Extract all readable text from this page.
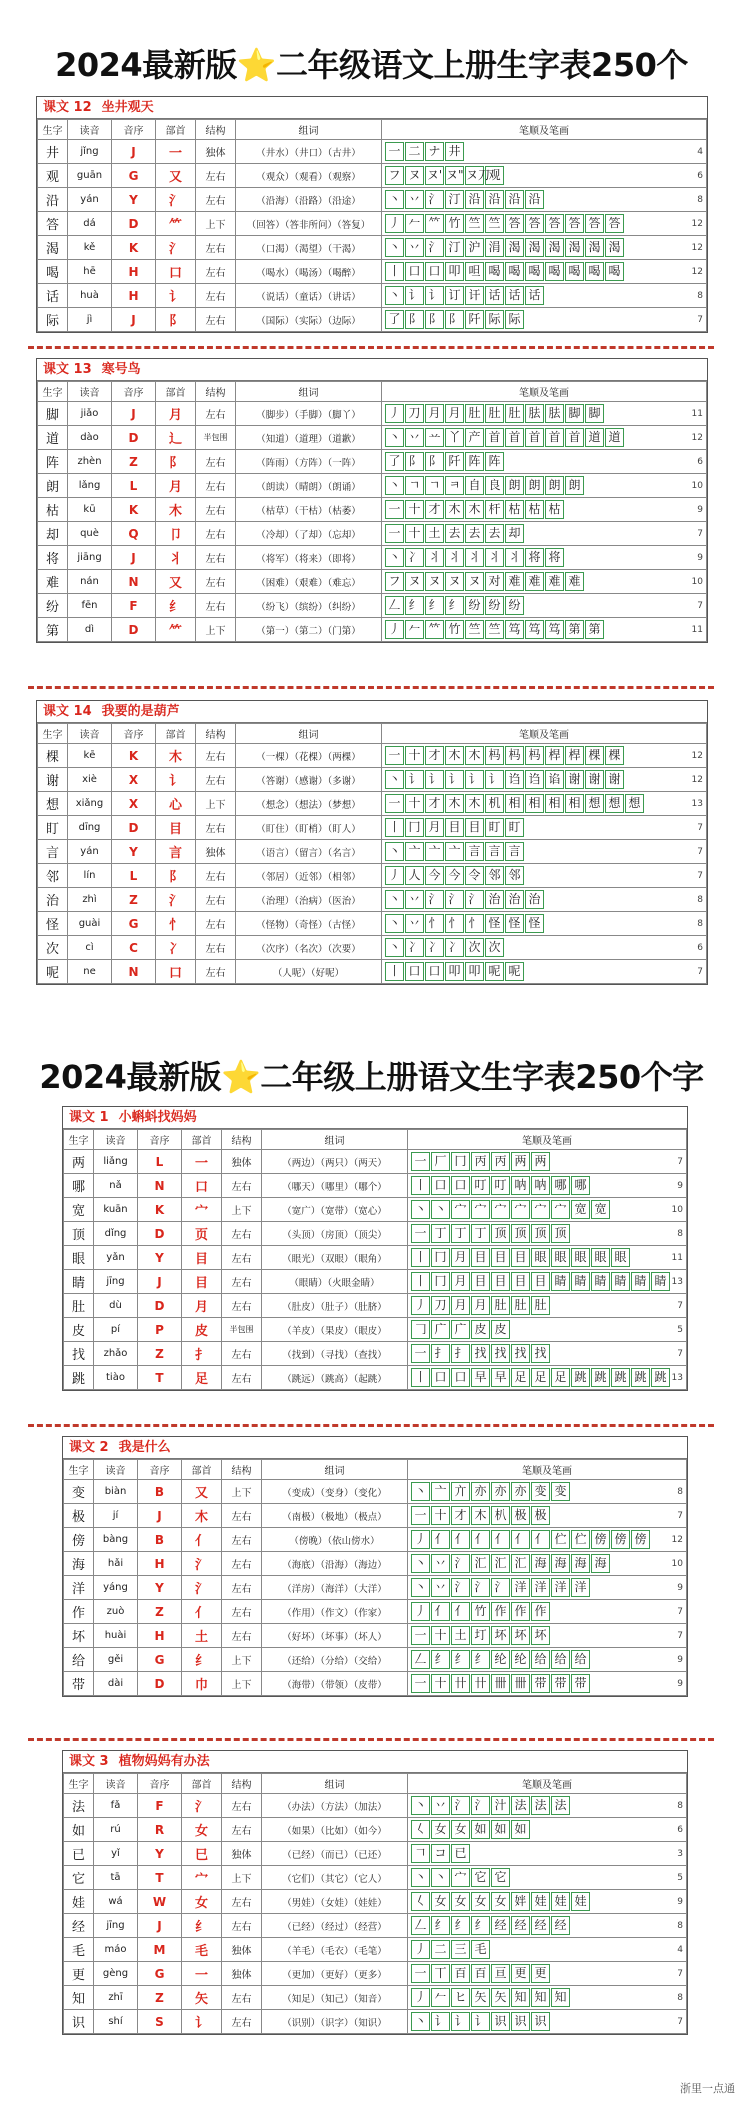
2024最新版⭐二年级语文上册生字表250个
课文 12 坐井观天
生字	读音	音序	部首	结构	组词	笔顺及笔画
井	jǐng	J	一	独体	（井水）（井口）（古井）	一 二 ナ 井 4

观	guān	G	又	左右	（观众）（观看）（观察）	フ ヌ ヌ' ヌ" ヌ刀观 6

沿	yán	Y	氵	左右	（沿海）（沿路）（沿途）	丶 丷 氵 汀 沿 沿 沿 沿 8

答	dá	D	⺮	上下	（回答）（答非所问）（答复）	丿 𠂉 𥫗 竹 竺 竺 答 答 答 答 答 答 12

渴	kě	K	氵	左右	（口渴）（渴望）（干渴）	丶 丷 氵 汀 沪 涓 渴 渴 渴 渴 渴 渴 12

喝	hē	H	口	左右	（喝水）（喝汤）（喝醉）	丨 口 口 叩 呾 喝 喝 喝 喝 喝 喝 喝 12

话	huà	H	讠	左右	（说话）（童话）（讲话）	丶 讠 讠 订 讦 话 话 话 8

际	jì	J	阝	左右	（国际）（实际）（边际）	了 阝 阝 阝 阡 际 际 7
课文 13 寒号鸟
生字	读音	音序	部首	结构	组词	笔顺及笔画
脚	jiǎo	J	月	左右	（脚步）（手脚）（脚丫）	丿 刀 月 月 肚 肚 肚 胠 胠 脚 脚 11

道	dào	D	辶	半包围	（知道）（道理）（道歉）	丶 丷 䒑 丫 产 首 首 首 首 首 道 道 12

阵	zhèn	Z	阝	左右	（阵雨）（方阵）（一阵）	了 阝 阝 阡 阵 阵 6

朗	lǎng	L	月	左右	（朗读）（晴朗）（朗诵）	丶 ㄱ ㄱ ㅋ 自 良 朗 朗 朗 朗 10

枯	kū	K	木	左右	（枯草）（干枯）（枯萎）	一 十 才 木 木 杆 枯 枯 枯 9

却	què	Q	卩	左右	（冷却）（了却）（忘却）	一 十 土 去 去 去 却 7

将	jiāng	J	丬	左右	（将军）（将来）（即将）	丶 冫 丬 丬 丬 丬 丬 将 将 9

难	nán	N	又	左右	（困难）（艰难）（难忘）	フ ヌ ヌ ヌ ヌ 对 难 难 难 难 10

纷	fēn	F	纟	左右	（纷飞）（缤纷）（纠纷）	𠃋 纟 纟 纟 纷 纷 纷 7

第	dì	D	⺮	上下	（第一）（第二）（门第）	丿 𠂉 𥫗 竹 竺 竺 笃 笃 笃 第 第 11
课文 14 我要的是葫芦
生字	读音	音序	部首	结构	组词	笔顺及笔画
棵	kē	K	木	左右	（一棵）（花棵）（两棵）	一 十 才 木 木 杩 杩 杩 桿 桿 棵 棵 12

谢	xiè	X	讠	左右	（答谢）（感谢）（多谢）	丶 讠 讠 讠 讠 讠 诌 诌 谄 谢 谢 谢 12

想	xiǎng	X	心	上下	（想念）（想法）（梦想）	一 十 才 木 木 机 相 相 相 相 想 想 想 13

盯	dīng	D	目	左右	（盯住）（盯梢）（盯人）	丨 冂 月 目 目 盯 盯 7

言	yán	Y	言	独体	（语言）（留言）（名言）	丶 亠 亠 亠 言 言 言 7

邻	lín	L	阝	左右	（邻居）（近邻）（相邻）	丿 人 今 今 令 邻 邻 7

治	zhì	Z	氵	左右	（治理）（治病）（医治）	丶 丷 氵 氵 氵 治 治 治 8

怪	guài	G	忄	左右	（怪物）（奇怪）（古怪）	丶 丷 忄 忄 忄 怪 怪 怪 8

次	cì	C	冫	左右	（次序）（名次）（次要）	丶 冫 冫 冫 次 次 6

呢	ne	N	口	左右	（人呢）（好呢）	丨 口 口 叩 叩 呢 呢 7
2024最新版⭐二年级上册语文生字表250个字
课文 1 小蝌蚪找妈妈
生字	读音	音序	部首	结构	组词	笔顺及笔画
两	liǎng	L	一	独体	（两边）（两只）（两天）	一 厂 冂 丙 丙 两 两 7

哪	nǎ	N	口	左右	（哪天）（哪里）（哪个）	丨 口 口 叮 叮 呐 呐 哪 哪 9

宽	kuān	K	宀	上下	（宽广）（宽带）（宽心）	丶 丶 宀 宀 宀 宀 宀 宀 宽 宽 10

顶	dǐng	D	页	左右	（头顶）（房顶）（顶尖）	一 丁 丁 丁 顶 顶 顶 顶 8

眼	yǎn	Y	目	左右	（眼光）（双眼）（眼角）	丨 冂 月 目 目 目 眼 眼 眼 眼 眼 11

睛	jīng	J	目	左右	（眼睛）（火眼金睛）	丨 冂 月 目 目 目 目 睛 睛 睛 睛 睛 睛 13

肚	dù	D	月	左右	（肚皮）（肚子）（肚脐）	丿 刀 月 月 肚 肚 肚 7

皮	pí	P	皮	半包围	（羊皮）（果皮）（眼皮）	𠃌 广 广 皮 皮 5

找	zhǎo	Z	扌	左右	（找到）（寻找）（查找）	一 扌 扌 找 找 找 找 7

跳	tiào	T	足	左右	（跳远）（跳高）（起跳）	丨 口 口 早 早 足 足 足 跳 跳 跳 跳 跳 13
课文 2 我是什么
生字	读音	音序	部首	结构	组词	笔顺及笔画
变	biàn	B	又	上下	（变成）（变身）（变化）	丶 亠 亣 亦 亦 亦 变 变 8

极	jí	J	木	左右	（南极）（极地）（极点）	一 十 才 木 朳 极 极 7

傍	bàng	B	亻	左右	（傍晚）（依山傍水）	丿 亻 亻 亻 亻 亻 亻 伫 伫 傍 傍 傍 12

海	hǎi	H	氵	左右	（海底）（沿海）（海边）	丶 丷 氵 汇 汇 汇 海 海 海 海 10

洋	yáng	Y	氵	左右	（洋房）（海洋）（大洋）	丶 丷 氵 氵 氵 洋 洋 洋 洋 9

作	zuò	Z	亻	左右	（作用）（作文）（作家）	丿 亻 亻 竹 作 作 作 7

坏	huài	H	土	左右	（好坏）（坏事）（坏人）	一 十 土 圢 坏 坏 坏 7

给	gěi	G	纟	上下	（还给）（分给）（交给）	𠃋 纟 纟 纟 纶 纶 给 给 给 9

带	dài	D	巾	上下	（海带）（带领）（皮带）	一 十 卄 卄 卌 卌 带 带 带 9
课文 3 植物妈妈有办法
生字	读音	音序	部首	结构	组词	笔顺及笔画
法	fǎ	F	氵	左右	（办法）（方法）（加法）	丶 丷 氵 氵 汁 法 法 法 8

如	rú	R	女	左右	（如果）（比如）（如今）	𡿨 女 女 如 如 如 6

已	yǐ	Y	巳	独体	（已经）（而已）（已还）	𠃍 コ 已 3

它	tā	T	宀	上下	（它们）（其它）（它人）	丶 丶 宀 它 它 5

娃	wá	W	女	左右	（男娃）（女娃）（娃娃）	𡿨 女 女 女 女 姅 娃 娃 娃 9

经	jīng	J	纟	左右	（已经）（经过）（经营）	𠃋 纟 纟 纟 经 经 经 经 8

毛	máo	M	毛	独体	（羊毛）（毛衣）（毛笔）	丿 二 三 毛 4

更	gèng	G	一	独体	（更加）（更好）（更多）	一 丅 百 百 亘 更 更 7

知	zhī	Z	矢	左右	（知足）（知己）（知音）	丿 𠂉 ヒ 矢 矢 知 知 知 8

识	shí	S	讠	左右	（识别）（识字）（知识）	丶 讠 讠 讠 识 识 识 7
浙里一点通
